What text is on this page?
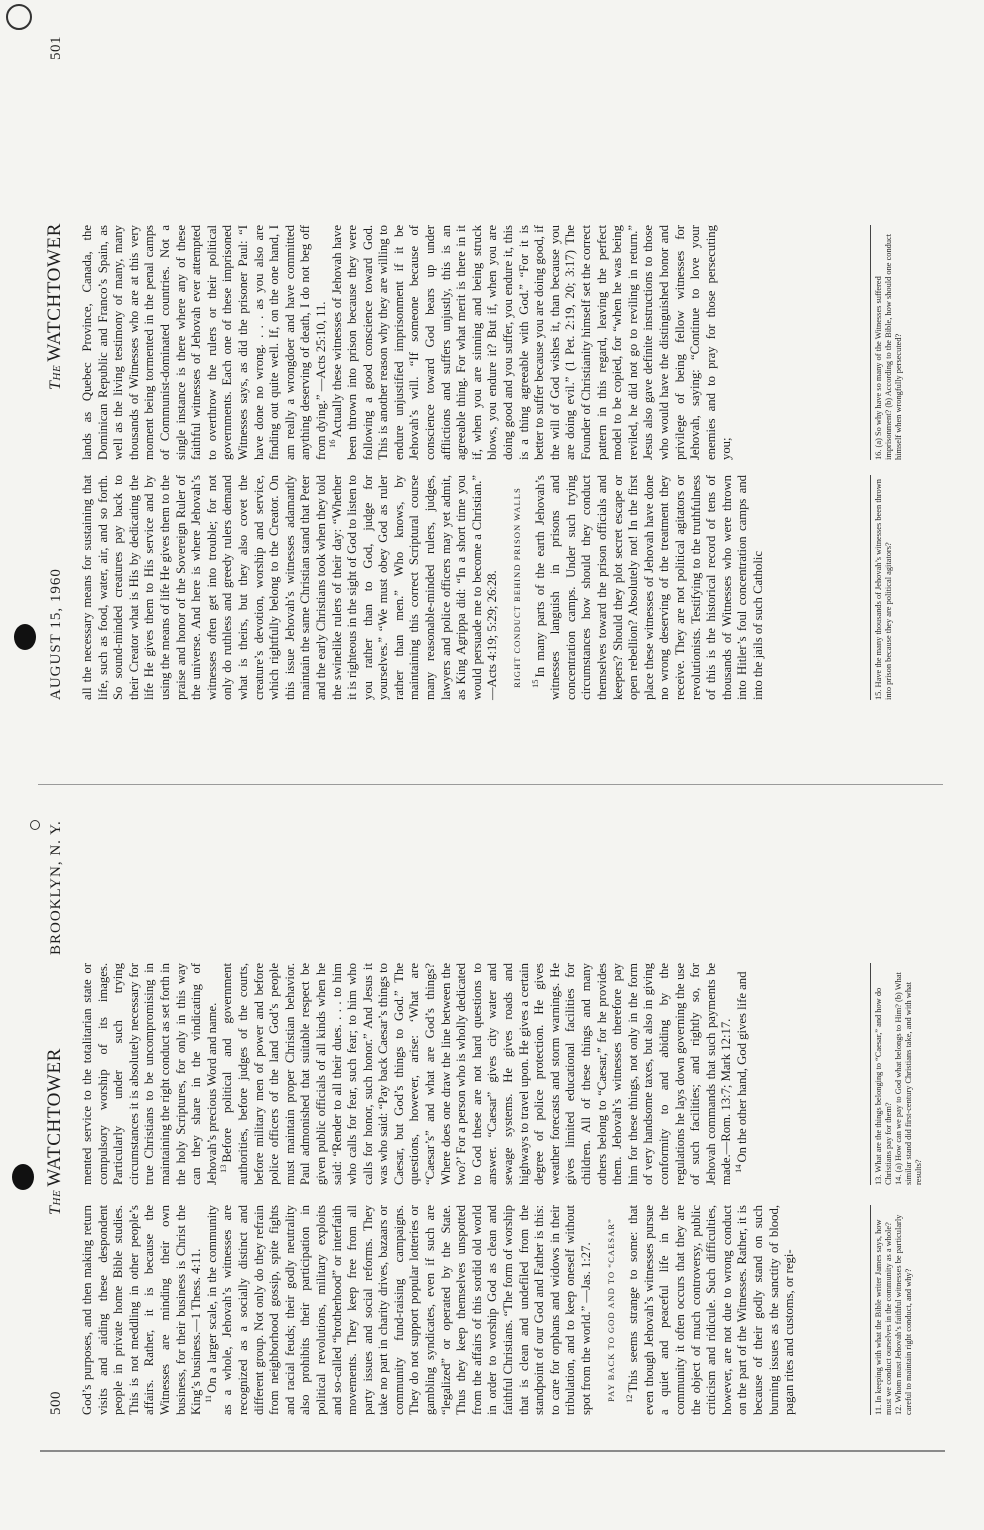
500
TheWATCHTOWER
BROOKLYN, N. Y.

God’s purposes, and then making return visits and aiding these despondent people in private home Bible studies. This is not meddling in other people’s affairs. Rather, it is because the Witnesses are minding their own business, for their business is Christ the King’s business.—1 Thess. 4:11. $^{11}$On a larger scale, in the community as a whole, Jehovah’s witnesses are recognized as a socially distinct and different group. Not only do they refrain from neighborhood gossip, spite fights and racial feuds; their godly neutrality also prohibits their participation in political revolutions, military exploits and so-called “brotherhood” or interfaith movements. They keep free from all party issues and social reforms. They take no part in charity drives, bazaars or community fund-raising campaigns. They do not support popular lotteries or gambling syndicates, even if such are “legalized” or operated by the State. Thus they keep themselves unspotted from the affairs of this sordid old world in order to worship God as clean and faithful Christians. “The form of worship that is clean and undefiled from the standpoint of our God and Father is this: to care for orphans and widows in their tribulation, and to keep oneself without spot from the world.” —Jas. 1:27. PAY BACK TO GOD AND TO “CAESAR” $^{12}$This seems strange to some: that even though Jehovah’s witnesses pursue a quiet and peaceful life in the community it often occurs that they are the object of much controversy, public criticism and ridicule. Such difficulties, however, are not due to wrong conduct on the part of the Witnesses. Rather, it is because of their godly stand on such burning issues as the sanctity of blood, pagan rites and customs, or regi-	11. In keeping with what the Bible writer James says, how must we conduct ourselves in the community as a whole? 12. Whom must Jehovah’s faithful witnesses be particularly careful to maintain right conduct, and why?

mented service to the totalitarian state or compulsory worship of its images. Particularly under such trying circumstances it is absolutely necessary for true Christians to be uncompromising in maintaining the right conduct as set forth in the holy Scriptures, for only in this way can they share in the vindicating of Jehovah’s precious Word and name. $^{13}$Before political and government authorities, before judges of the courts, before military men of power and before police officers of the land God’s people must maintain proper Christian behavior. Paul admonished that suitable respect be given public officials of all kinds when he said: “Render to all their dues. . . . to him who calls for fear, such fear; to him who calls for honor, such honor.” And Jesus it was who said: “Pay back Caesar’s things to Caesar, but God’s things to God.” The questions, however, arise: ‘What are “Caesar’s” and what are God’s things? Where does one draw the line between the two?’ For a person who is wholly dedicated to God these are not hard questions to answer. “Caesar” gives city water and sewage systems. He gives roads and highways to travel upon. He gives a certain degree of police protection. He gives weather forecasts and storm warnings. He gives limited educational facilities for children. All of these things and many others belong to “Caesar,” for he provides them. Jehovah’s witnesses therefore pay him for these things, not only in the form of very handsome taxes, but also in giving conformity to and abiding by the regulations he lays down governing the use of such facilities; and rightly so, for Jehovah commands that such payments be made.—Rom. 13:7; Mark 12:17. $^{14}$On the other hand, God gives life and	13. What are the things belonging to “Caesar,” and how do Christians pay for them? 14. (a) How can we pay to God what belongs to Him? (b) What similar stand did first-century Christians take, and with what results?

AUGUST 15, 1960
TheWATCHTOWER
501

all the necessary means for sustaining that life, such as food, water, air, and so forth. So sound-minded creatures pay back to their Creator what is His by dedicating the life He gives them to His service and by using the means of life He gives them to the praise and honor of the Sovereign Ruler of the universe. And here is where Jehovah’s witnesses often get into trouble; for not only do ruthless and greedy rulers demand what is theirs, but they also covet the creature’s devotion, worship and service, which rightfully belong to the Creator. On this issue Jehovah’s witnesses adamantly maintain the same Christian stand that Peter and the early Christians took when they told the swinelike rulers of their day: “Whether it is righteous in the sight of God to listen to you rather than to God, judge for yourselves.” “We must obey God as ruler rather than men.” Who knows, by maintaining this correct Scriptural course many reasonable-minded rulers, judges, lawyers and police officers may yet admit, as King Agrippa did: “In a short time you would persuade me to become a Christian.” —Acts 4:19; 5:29; 26:28. RIGHT CONDUCT BEHIND PRISON WALLS $^{15}$In many parts of the earth Jehovah’s witnesses languish in prisons and concentration camps. Under such trying circumstances how should they conduct themselves toward the prison officials and keepers? Should they plot secret escape or open rebellion? Absolutely not! In the first place these witnesses of Jehovah have done no wrong deserving of the treatment they receive. They are not political agitators or revolutionists. Testifying to the truthfulness of this is the historical record of tens of thousands of Witnesses who were thrown into Hitler’s foul concentration camps and into the jails of such Catholic	15. Have the many thousands of Jehovah’s witnesses been thrown into prison because they are political agitators?

lands as Quebec Province, Canada, the Dominican Republic and Franco’s Spain, as well as the living testimony of many, many thousands of Witnesses who are at this very moment being tormented in the penal camps of Communist-dominated countries. Not a single instance is there where any of these faithful witnesses of Jehovah ever attempted to overthrow the rulers or their political governments. Each one of these imprisoned Witnesses says, as did the prisoner Paul: “I have done no wrong. . . . as you also are finding out quite well. If, on the one hand, I am really a wrongdoer and have committed anything deserving of death, I do not beg off from dying.” —Acts 25:10, 11. $^{16}$Actually these witnesses of Jehovah have been thrown into prison because they were following a good conscience toward God. This is another reason why they are willing to endure unjustified imprisonment if it be Jehovah’s will. “If someone because of conscience toward God bears up under afflictions and suffers unjustly, this is an agreeable thing. For what merit is there in it if, when you are sinning and being struck blows, you endure it? But if, when you are doing good and you suffer, you endure it, this is a thing agreeable with God.” “For it is better to suffer because you are doing good, if the will of God wishes it, than because you are doing evil.” (1 Pet. 2:19, 20; 3:17) The Founder of Christianity himself set the correct pattern in this regard, leaving the perfect model to be copied, for “when he was being reviled, he did not go to reviling in return.” Jesus also gave definite instructions to those who would have the distinguished honor and privilege of being fellow witnesses for Jehovah, saying: “Continue to love your enemies and to pray for those persecuting you;	16. (a) So why have so many of the Witnesses suffered imprisonment? (b) According to the Bible, how should one conduct himself when wrongfully persecuted?
